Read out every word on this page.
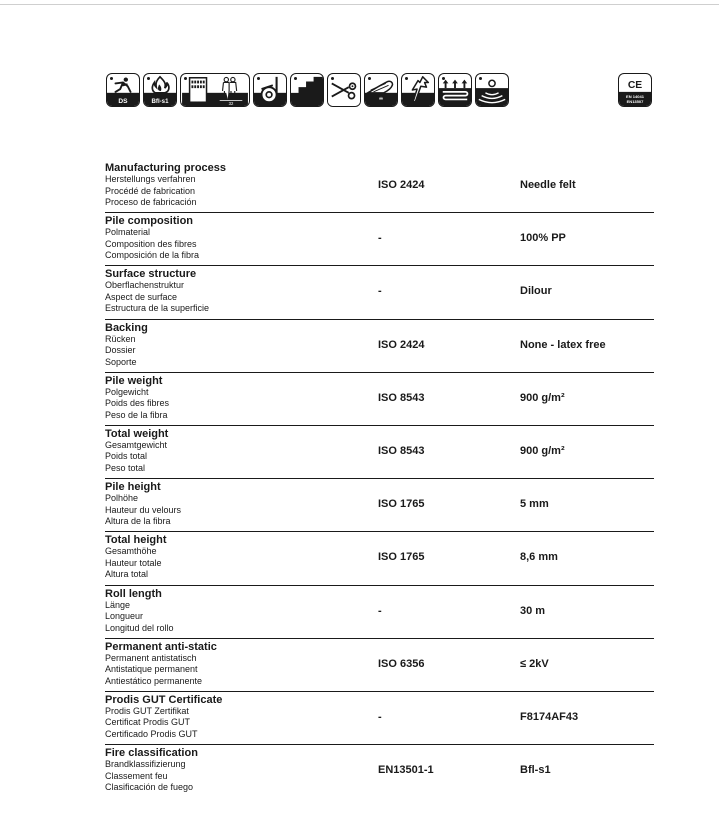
DS	Bfl-s1	32
CE
EN 14041
EN13507
Manufacturing process
Herstellungs verfahren
Procédé de fabrication
Proceso de fabricación
ISO 2424	Needle felt
Pile composition
Polmaterial
Composition des fibres
Composición de la fibra
-	100% PP
Surface structure
Oberflachenstruktur
Aspect de surface
Estructura de la superficie
-	Dilour
Backing
Rücken
Dossier
Soporte
ISO 2424	None - latex free
Pile weight
Polgewicht
Poids des fibres
Peso de la fibra
ISO 8543	900 g/m²
Total weight
Gesamtgewicht
Poids total
Peso total
ISO 8543	900 g/m²
Pile height
Polhöhe
Hauteur du velours
Altura de la fibra
ISO 1765	5 mm
Total height
Gesamthöhe
Hauteur totale
Altura total
ISO 1765	8,6 mm
Roll length
Länge
Longueur
Longitud del rollo
-	30 m
Permanent anti-static
Permanent antistatisch
Antistatique permanent
Antiestático permanente
ISO 6356	≤ 2kV
Prodis GUT Certificate
Prodis GUT Zertifikat
Certificat Prodis GUT
Certificado Prodis GUT
-	F8174AF43
Fire classification
Brandklassifizierung
Classement feu
Clasificación de fuego
EN13501-1	Bfl-s1
